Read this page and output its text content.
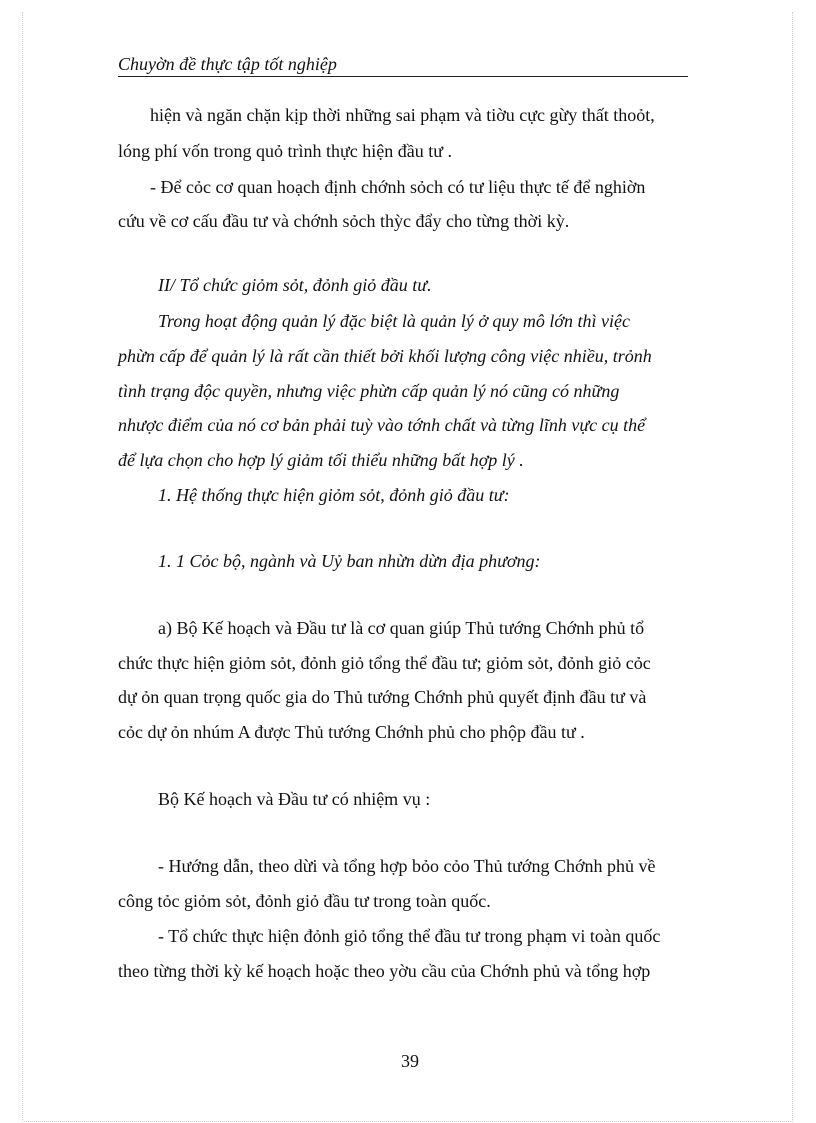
Chuyờn đề thực tập tốt nghiệp
hiện và ngăn chặn kịp thời những sai phạm và tiờu cực gừy thất thoỏt,
lóng phí vốn trong quỏ trình thực hiện đầu tư .
- Để cỏc cơ quan hoạch định chớnh sỏch có tư liệu thực tế để nghiờn
cứu về cơ cấu đầu tư và chớnh sỏch thỳc đẩy cho từng thời kỳ.
II/ Tổ chức giỏm sỏt, đỏnh giỏ đầu tư.
Trong hoạt động quản lý đặc biệt là quản lý ở quy mô lớn thì việc
phừn cấp để quản lý là rất cần thiết bởi khối lượng công việc nhiều, trỏnh
tình trạng độc quyền, nhưng việc phừn cấp quản lý nó cũng có những
nhược điểm của nó cơ bản phải tuỳ vào tớnh chất và từng lĩnh vực cụ thể
để lựa chọn cho hợp lý giảm tối thiểu những bất hợp lý .
1. Hệ thống thực hiện giỏm sỏt, đỏnh giỏ đầu tư:
1. 1 Cỏc bộ, ngành và Uỷ ban nhừn dừn địa phương:
a) Bộ Kế hoạch và Đầu tư là cơ quan giúp Thủ tướng Chớnh phủ tổ
chức thực hiện giỏm sỏt, đỏnh giỏ tổng thể đầu tư; giỏm sỏt, đỏnh giỏ cỏc
dự ỏn quan trọng quốc gia do Thủ tướng Chớnh phủ quyết định đầu tư và
cỏc dự ỏn nhúm A được Thủ tướng Chớnh phủ cho phộp đầu tư .
Bộ Kế hoạch và Đầu tư có nhiệm vụ :
- Hướng dẫn, theo dừi và tổng hợp bỏo cỏo Thủ tướng Chớnh phủ về
công tỏc giỏm sỏt, đỏnh giỏ đầu tư trong toàn quốc.
- Tổ chức thực hiện đỏnh giỏ tổng thể đầu tư trong phạm vi toàn quốc
theo từng thời kỳ kế hoạch hoặc theo yờu cầu của Chớnh phủ và tổng hợp
39
